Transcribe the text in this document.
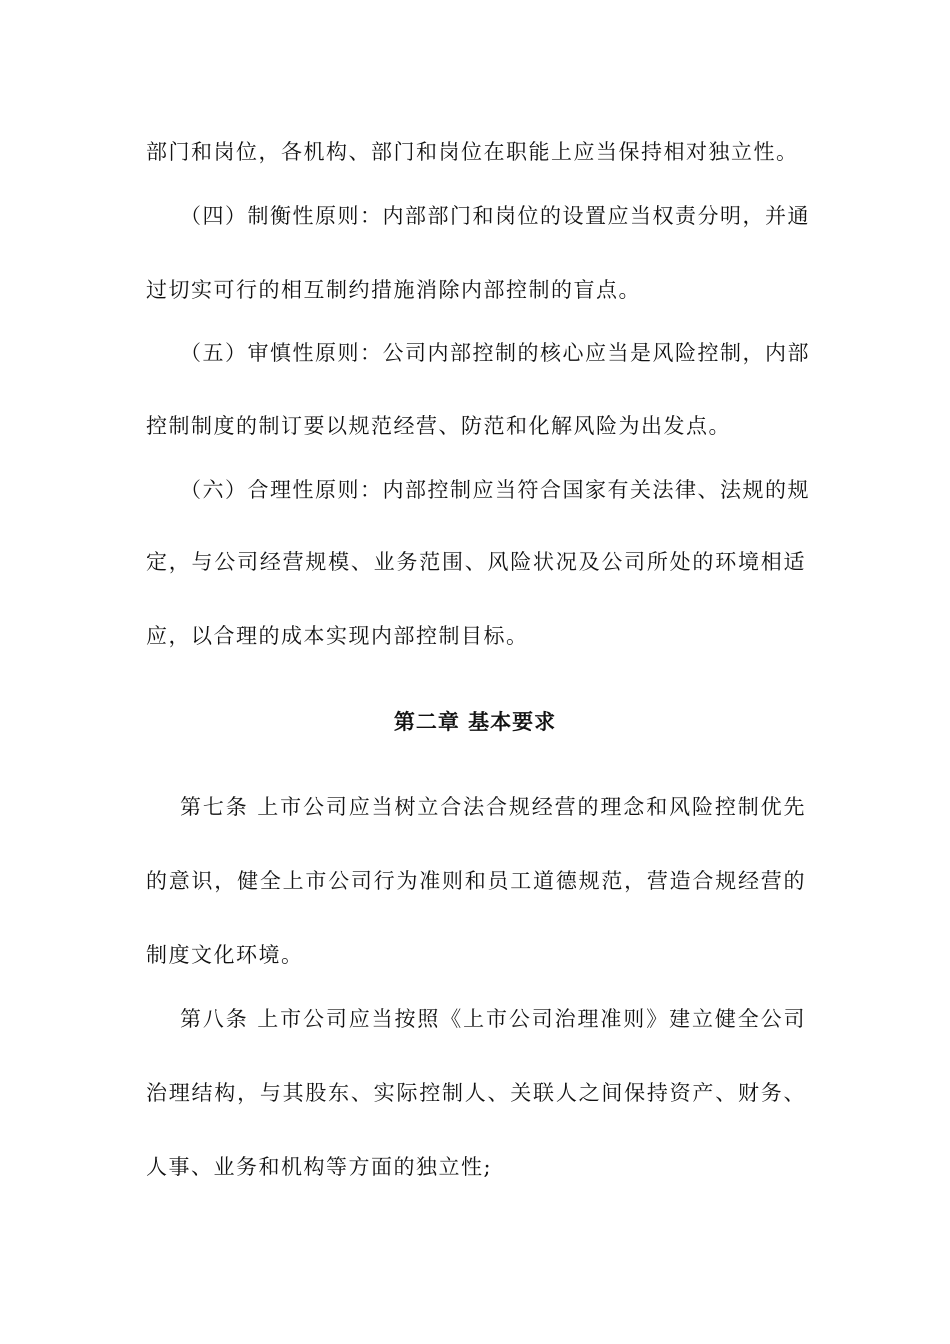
部门和岗位，各机构、部门和岗位在职能上应当保持相对独立性。
（四）制衡性原则：内部部门和岗位的设置应当权责分明，并通
过切实可行的相互制约措施消除内部控制的盲点。
（五）审慎性原则：公司内部控制的核心应当是风险控制，内部
控制制度的制订要以规范经营、防范和化解风险为出发点。
（六）合理性原则：内部控制应当符合国家有关法律、法规的规
定，与公司经营规模、业务范围、风险状况及公司所处的环境相适
应，以合理的成本实现内部控制目标。
第二章 基本要求
第七条 上市公司应当树立合法合规经营的理念和风险控制优先
的意识，健全上市公司行为准则和员工道德规范，营造合规经营的
制度文化环境。
第八条 上市公司应当按照《上市公司治理准则》建立健全公司
治理结构，与其股东、实际控制人、关联人之间保持资产、财务、
人事、业务和机构等方面的独立性;
